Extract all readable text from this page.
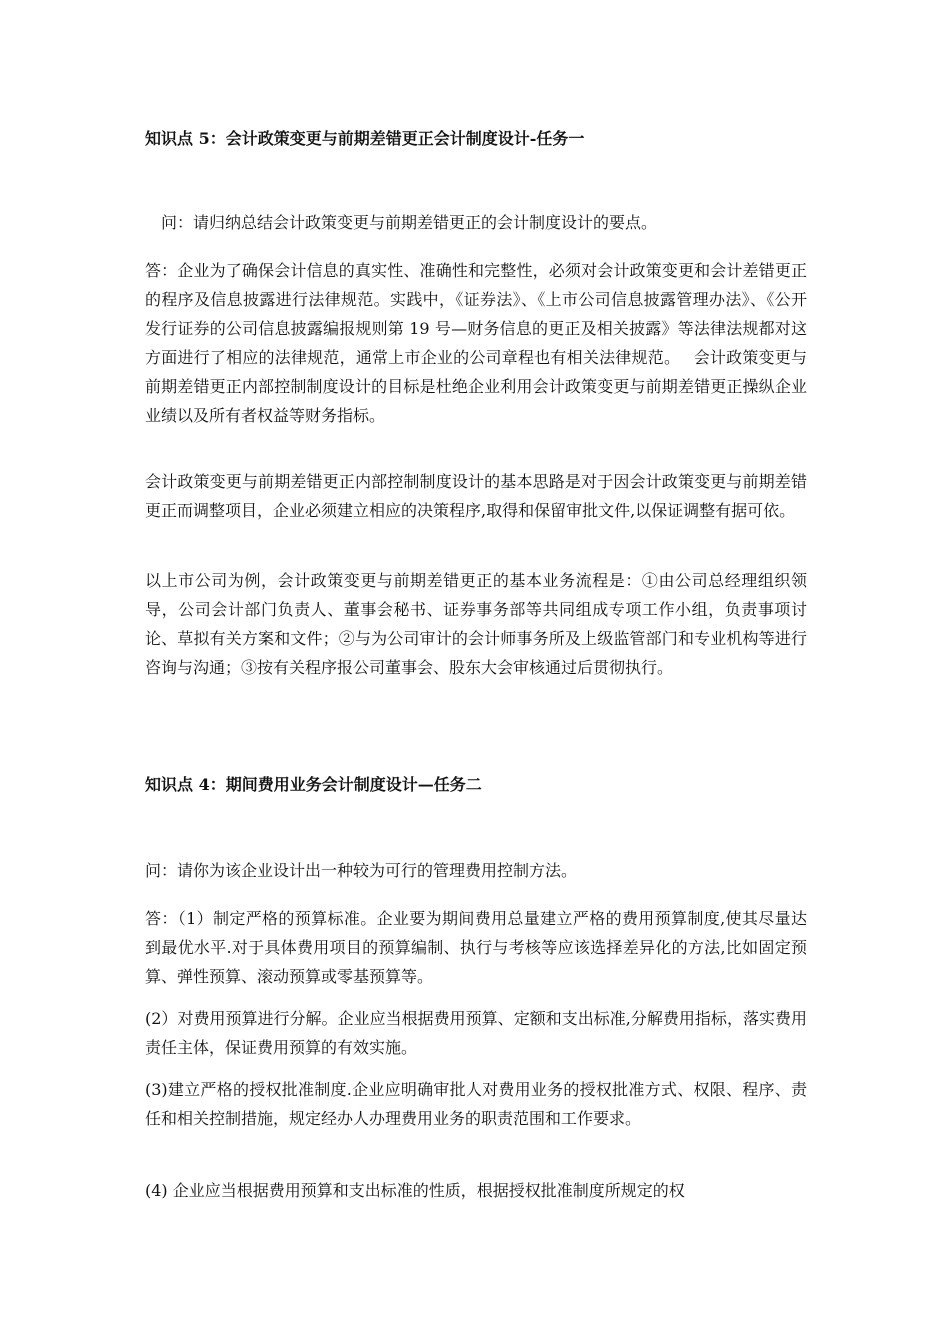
知识点 5：会计政策变更与前期差错更正会计制度设计-任务一
问：请归纳总结会计政策变更与前期差错更正的会计制度设计的要点。
答：企业为了确保会计信息的真实性、准确性和完整性，必须对会计政策变更和会计差错更正的程序及信息披露进行法律规范。实践中，《证券法》、《上市公司信息披露管理办法》、《公开发行证券的公司信息披露编报规则第 19 号—财务信息的更正及相关披露》等法律法规都对这方面进行了相应的法律规范，通常上市企业的公司章程也有相关法律规范。　 会计政策变更与前期差错更正内部控制制度设计的目标是杜绝企业利用会计政策变更与前期差错更正操纵企业业绩以及所有者权益等财务指标。
会计政策变更与前期差错更正内部控制制度设计的基本思路是对于因会计政策变更与前期差错更正而调整项目，企业必须建立相应的决策程序,取得和保留审批文件,以保证调整有据可依。
以上市公司为例，会计政策变更与前期差错更正的基本业务流程是：①由公司总经理组织领导，公司会计部门负责人、董事会秘书、证券事务部等共同组成专项工作小组，负责事项讨论、草拟有关方案和文件；②与为公司审计的会计师事务所及上级监管部门和专业机构等进行咨询与沟通；③按有关程序报公司董事会、股东大会审核通过后贯彻执行。
知识点 4：期间费用业务会计制度设计—任务二
问：请你为该企业设计出一种较为可行的管理费用控制方法。
答：（1）制定严格的预算标准。企业要为期间费用总量建立严格的费用预算制度,使其尽量达到最优水平.对于具体费用项目的预算编制、执行与考核等应该选择差异化的方法,比如固定预算、弹性预算、滚动预算或零基预算等。
(2）对费用预算进行分解。企业应当根据费用预算、定额和支出标准,分解费用指标，落实费用责任主体，保证费用预算的有效实施。
(3)建立严格的授权批准制度.企业应明确审批人对费用业务的授权批准方式、权限、程序、责任和相关控制措施，规定经办人办理费用业务的职责范围和工作要求。
(4) 企业应当根据费用预算和支出标准的性质，根据授权批准制度所规定的权
